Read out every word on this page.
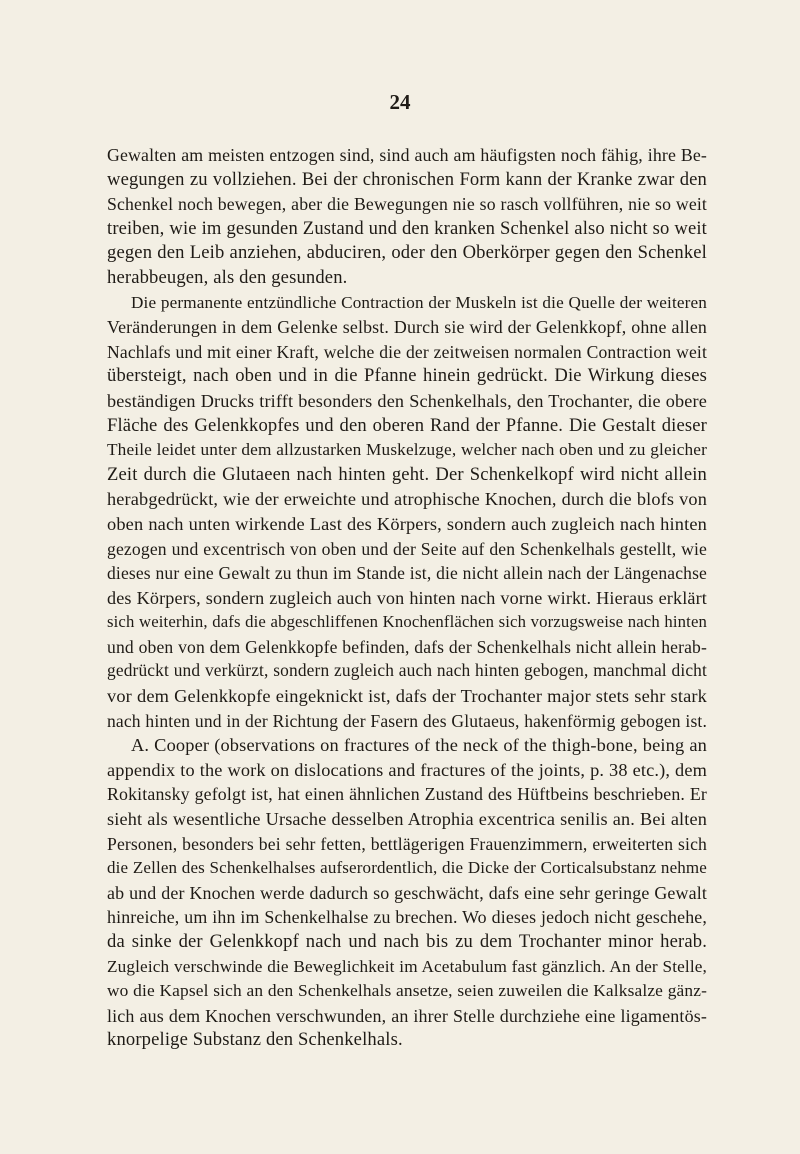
24
Gewalten am meisten entzogen sind, sind auch am häufigsten noch fähig, ihre Be-
wegungen zu vollziehen. Bei der chronischen Form kann der Kranke zwar den
Schenkel noch bewegen, aber die Bewegungen nie so rasch vollführen, nie so weit
treiben, wie im gesunden Zustand und den kranken Schenkel also nicht so weit
gegen den Leib anziehen, abduciren, oder den Oberkörper gegen den Schenkel
herabbeugen, als den gesunden.
Die permanente entzündliche Contraction der Muskeln ist die Quelle der weiteren
Veränderungen in dem Gelenke selbst. Durch sie wird der Gelenkkopf, ohne allen
Nachlafs und mit einer Kraft, welche die der zeitweisen normalen Contraction weit
übersteigt, nach oben und in die Pfanne hinein gedrückt. Die Wirkung dieses
beständigen Drucks trifft besonders den Schenkelhals, den Trochanter, die obere
Fläche des Gelenkkopfes und den oberen Rand der Pfanne. Die Gestalt dieser
Theile leidet unter dem allzustarken Muskelzuge, welcher nach oben und zu gleicher
Zeit durch die Glutaeen nach hinten geht. Der Schenkelkopf wird nicht allein
herabgedrückt, wie der erweichte und atrophische Knochen, durch die blofs von
oben nach unten wirkende Last des Körpers, sondern auch zugleich nach hinten
gezogen und excentrisch von oben und der Seite auf den Schenkelhals gestellt, wie
dieses nur eine Gewalt zu thun im Stande ist, die nicht allein nach der Längenachse
des Körpers, sondern zugleich auch von hinten nach vorne wirkt. Hieraus erklärt
sich weiterhin, dafs die abgeschliffenen Knochenflächen sich vorzugsweise nach hinten
und oben von dem Gelenkkopfe befinden, dafs der Schenkelhals nicht allein herab-
gedrückt und verkürzt, sondern zugleich auch nach hinten gebogen, manchmal dicht
vor dem Gelenkkopfe eingeknickt ist, dafs der Trochanter major stets sehr stark
nach hinten und in der Richtung der Fasern des Glutaeus, hakenförmig gebogen ist.
A. Cooper (observations on fractures of the neck of the thigh-bone, being an
appendix to the work on dislocations and fractures of the joints, p. 38 etc.), dem
Rokitansky gefolgt ist, hat einen ähnlichen Zustand des Hüftbeins beschrieben. Er
sieht als wesentliche Ursache desselben Atrophia excentrica senilis an. Bei alten
Personen, besonders bei sehr fetten, bettlägerigen Frauenzimmern, erweiterten sich
die Zellen des Schenkelhalses aufserordentlich, die Dicke der Corticalsubstanz nehme
ab und der Knochen werde dadurch so geschwächt, dafs eine sehr geringe Gewalt
hinreiche, um ihn im Schenkelhalse zu brechen. Wo dieses jedoch nicht geschehe,
da sinke der Gelenkkopf nach und nach bis zu dem Trochanter minor herab.
Zugleich verschwinde die Beweglichkeit im Acetabulum fast gänzlich. An der Stelle,
wo die Kapsel sich an den Schenkelhals ansetze, seien zuweilen die Kalksalze gänz-
lich aus dem Knochen verschwunden, an ihrer Stelle durchziehe eine ligamentös-
knorpelige Substanz den Schenkelhals.
